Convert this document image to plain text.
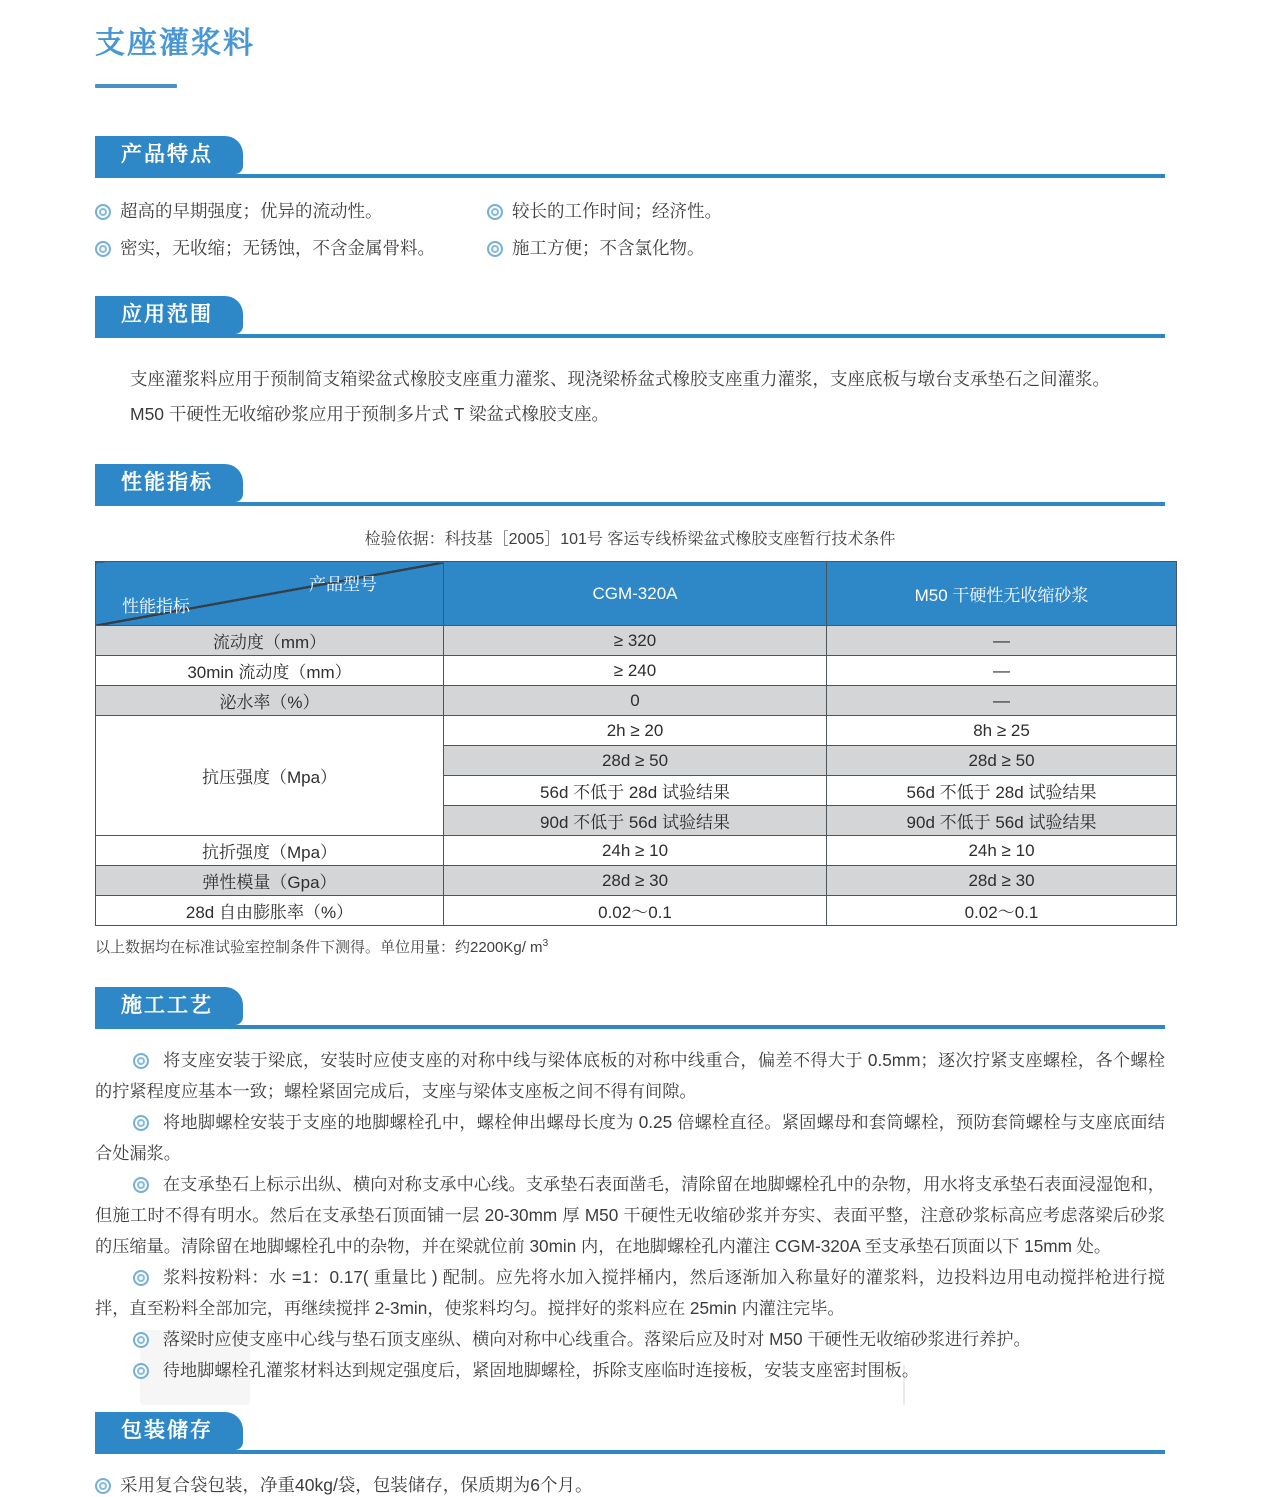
支座灌浆料
产品特点
超高的早期强度；优异的流动性。	较长的工作时间；经济性。
密实，无收缩；无锈蚀，不含金属骨料。	施工方便；不含氯化物。
应用范围
支座灌浆料应用于预制简支箱梁盆式橡胶支座重力灌浆、现浇梁桥盆式橡胶支座重力灌浆，支座底板与墩台支承垫石之间灌浆。
M50 干硬性无收缩砂浆应用于预制多片式 T 梁盆式橡胶支座。
性能指标
检验依据：科技基［2005］101号 客运专线桥梁盆式橡胶支座暂行技术条件
产品型号
性能指标	CGM-320A	M50 干硬性无收缩砂浆
流动度（mm）	≥ 320	—
30min 流动度（mm）	≥ 240	—
泌水率（%）	0	—
抗压强度（Mpa）	2h ≥ 20	8h ≥ 25
	28d ≥ 50	28d ≥ 50
	56d 不低于 28d 试验结果	56d 不低于 28d 试验结果
	90d 不低于 56d 试验结果	90d 不低于 56d 试验结果
抗折强度（Mpa）	24h ≥ 10	24h ≥ 10
弹性模量（Gpa）	28d ≥ 30	28d ≥ 30
28d 自由膨胀率（%）	0.02～0.1	0.02～0.1
以上数据均在标准试验室控制条件下测得。单位用量：约2200Kg/ $m^3$
施工工艺

将支座安装于梁底，安装时应使支座的对称中线与梁体底板的对称中线重合，偏差不得大于 0.5mm；逐次拧紧支座螺栓，各个螺栓的拧紧程度应基本一致；螺栓紧固完成后，支座与梁体支座板之间不得有间隙。

将地脚螺栓安装于支座的地脚螺栓孔中，螺栓伸出螺母长度为 0.25 倍螺栓直径。紧固螺母和套筒螺栓，预防套筒螺栓与支座底面结合处漏浆。

在支承垫石上标示出纵、横向对称支承中心线。支承垫石表面凿毛，清除留在地脚螺栓孔中的杂物，用水将支承垫石表面浸湿饱和，但施工时不得有明水。然后在支承垫石顶面铺一层 20-30mm 厚 M50 干硬性无收缩砂浆并夯实、表面平整，注意砂浆标高应考虑落梁后砂浆的压缩量。清除留在地脚螺栓孔中的杂物，并在梁就位前 30min 内，在地脚螺栓孔内灌注 CGM-320A 至支承垫石顶面以下 15mm 处。

浆料按粉料：水 =1：0.17( 重量比 ) 配制。应先将水加入搅拌桶内，然后逐渐加入称量好的灌浆料，边投料边用电动搅拌枪进行搅拌，直至粉料全部加完，再继续搅拌 2-3min，使浆料均匀。搅拌好的浆料应在 25min 内灌注完毕。

落梁时应使支座中心线与垫石顶支座纵、横向对称中心线重合。落梁后应及时对 M50 干硬性无收缩砂浆进行养护。

待地脚螺栓孔灌浆材料达到规定强度后，紧固地脚螺栓，拆除支座临时连接板，安装支座密封围板。

包装储存
采用复合袋包装，净重40kg/袋，包装储存，保质期为6个月。
